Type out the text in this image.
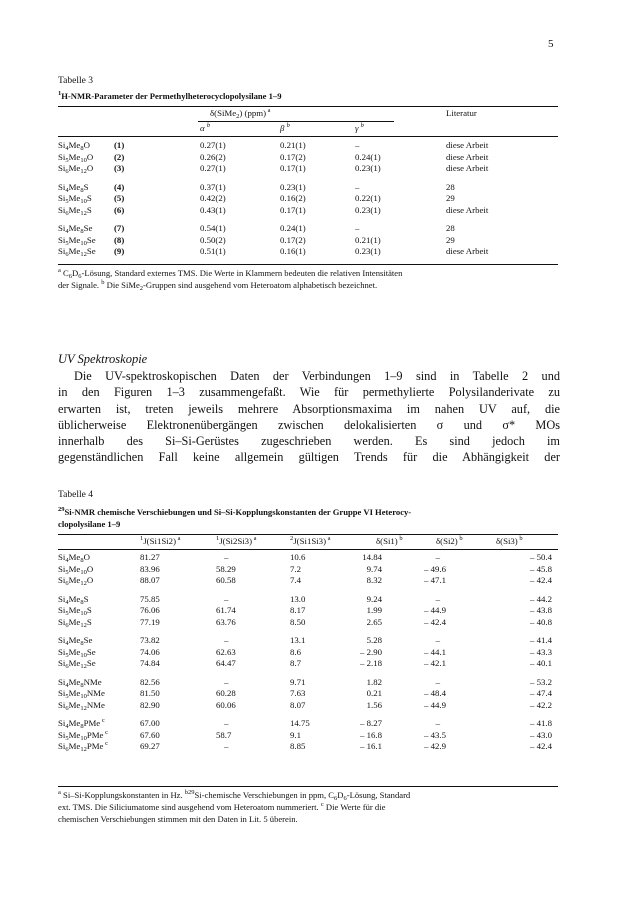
5
Tabelle 3
$^1$H-NMR-Parameter der Permethylheterocyclopolysilane 1–9
δ(SiMe$_2$) (ppm) $^a$	Literatur
α $^b$	β $^b$	γ $^b$
$Si_4Me_8O$	(1)	0.27(1)	0.21(1)	–	diese Arbeit
$Si_5Me_{10}O$ (2)	0.26(2)	0.17(2)	0.24(1)	diese Arbeit
$Si_6Me_{12}O$ (3)	0.27(1)	0.17(1)	0.23(1)	diese Arbeit
$Si_4Me_8S$	(4)	0.37(1)	0.23(1)	–	28
$Si_5Me_{10}S$	(5)	0.42(2)	0.16(2)	0.22(1)	29
$Si_6Me_{12}S$	(6)	0.43(1)	0.17(1)	0.23(1)	diese Arbeit
$Si_4Me_8Se$ (7)	0.54(1)	0.24(1)	–	28
$Si_5Me_{10}Se$ (8)	0.50(2)	0.17(2)	0.21(1)	29
$Si_6Me_{12}Se$ (9)	0.51(1)	0.16(1)	0.23(1)	diese Arbeit
$^a$ $C_6D_6$-Lösung, Standard externes TMS. Die Werte in Klammern bedeuten die relativen Intensitäten
der Signale. $^b$ Die SiMe$_2$-Gruppen sind ausgehend vom Heteroatom alphabetisch bezeichnet.
UV Spektroskopie
Die UV-spektroskopischen Daten der Verbindungen 1–9 sind in Tabelle 2 und
in den Figuren 1–3 zusammengefaßt. Wie für permethylierte Polysilanderivate zu
erwarten ist, treten jeweils mehrere Absorptionsmaxima im nahen UV auf, die
üblicherweise Elektronenübergängen zwischen delokalisierten σ und σ* MOs
innerhalb des Si–Si-Gerüstes zugeschrieben werden. Es sind jedoch im
gegenständlichen Fall keine allgemein gültigen Trends für die Abhängigkeit der
Tabelle 4
$^{29}$Si-NMR chemische Verschiebungen und Si–Si-Kopplungskonstanten der Gruppe VI Heterocy-
clopolysilane 1–9
$^1$J(Si1Si2) $^a$	$^1$J(Si2Si3) $^a$	$^2$J(Si1Si3) $^a$	δ(Si1) $^b$	δ(Si2) $^b$	δ(Si3) $^b$
$Si_4Me_8O$	81.27	–	10.6	14.84	–	– 50.4
$Si_5Me_{10}O$	83.96	58.29	7.2	9.74	– 49.6	– 45.8
$Si_6Me_{12}O$	88.07	60.58	7.4	8.32	– 47.1	– 42.4
$Si_4Me_8S$	75.85	–	13.0	9.24	–	– 44.2
$Si_5Me_{10}S$	76.06	61.74	8.17	1.99	– 44.9	– 43.8
$Si_6Me_{12}S$	77.19	63.76	8.50	2.65	– 42.4	– 40.8
$Si_4Me_8Se$	73.82	–	13.1	5.28	–	– 41.4
$Si_5Me_{10}Se$	74.06	62.63	8.6	– 2.90	– 44.1	– 43.3
$Si_6Me_{12}Se$	74.84	64.47	8.7	– 2.18	– 42.1	– 40.1
$Si_4Me_8NMe$	82.56	–	9.71	1.82	–	– 53.2
$Si_5Me_{10}NMe$	81.50	60.28	7.63	0.21	– 48.4	– 47.4
$Si_6Me_{12}NMe$	82.90	60.06	8.07	1.56	– 44.9	– 42.2
$Si_4Me_8PMe$ $^c$	67.00	–	14.75	– 8.27	–	– 41.8
$Si_5Me_{10}PMe$ $^c$	67.60	58.7	9.1	– 16.8	– 43.5	– 43.0
$Si_6Me_{12}PMe$ $^c$	69.27	–	8.85	– 16.1	– 42.9	– 42.4
$^a$ Si–Si-Kopplungskonstanten in Hz. $^{b29}$Si-chemische Verschiebungen in ppm, $C_6D_6$-Lösung, Standard
ext. TMS. Die Siliciumatome sind ausgehend vom Heteroatom nummeriert. $^c$ Die Werte für die
chemischen Verschiebungen stimmen mit den Daten in Lit. 5 überein.
